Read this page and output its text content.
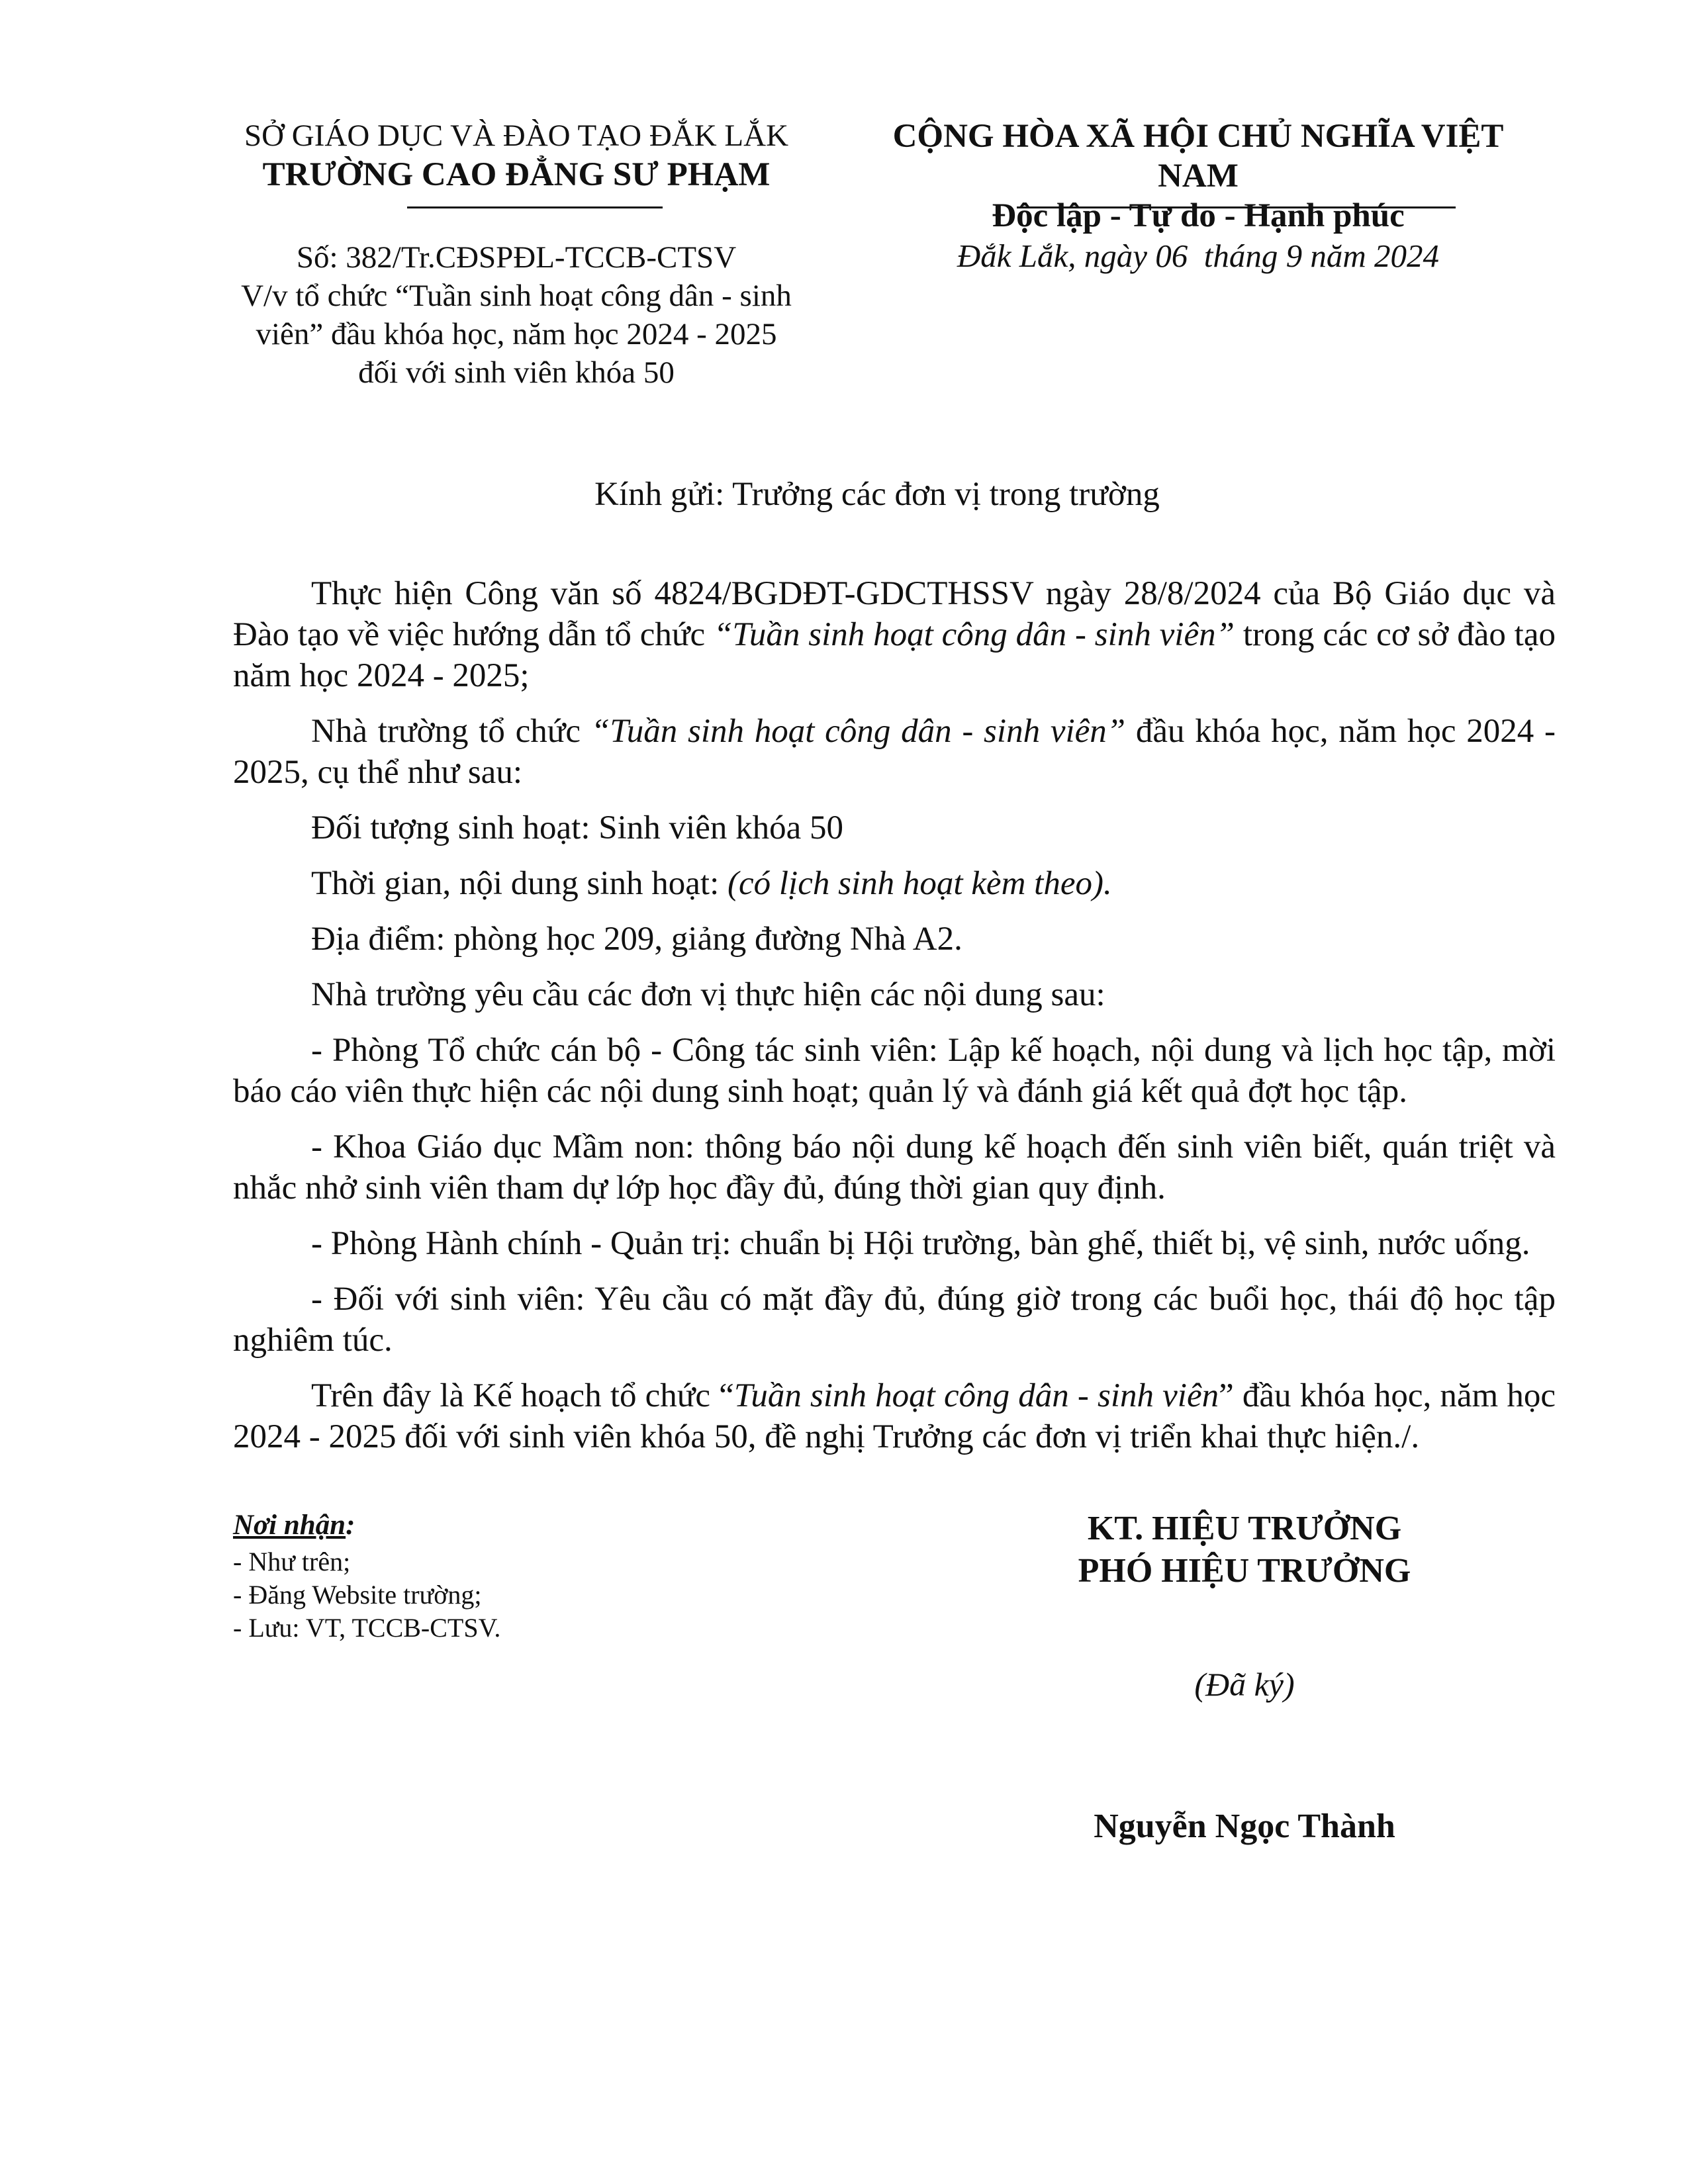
SỞ GIÁO DỤC VÀ ĐÀO TẠO ĐẮK LẮK
TRƯỜNG CAO ĐẲNG SƯ PHẠM
Số: 382/Tr.CĐSPĐL-TCCB-CTSV
V/v tổ chức “Tuần sinh hoạt công dân - sinh
viên” đầu khóa học, năm học 2024 - 2025
đối với sinh viên khóa 50
CỘNG HÒA XÃ HỘI CHỦ NGHĨA VIỆT NAM
Độc lập - Tự do - Hạnh phúc
Đắk Lắk, ngày 06  tháng 9 năm 2024
Kính gửi: Trưởng các đơn vị trong trường

Thực hiện Công văn số 4824/BGDĐT-GDCTHSSV ngày 28/8/2024 của Bộ Giáo dục và Đào tạo về việc hướng dẫn tổ chức “Tuần sinh hoạt công dân - sinh viên” trong các cơ sở đào tạo năm học 2024 - 2025;

Nhà trường tổ chức “Tuần sinh hoạt công dân - sinh viên” đầu khóa học, năm học 2024 - 2025, cụ thể như sau:

Đối tượng sinh hoạt: Sinh viên khóa 50

Thời gian, nội dung sinh hoạt: (có lịch sinh hoạt kèm theo).

Địa điểm: phòng học 209, giảng đường Nhà A2.

Nhà trường yêu cầu các đơn vị thực hiện các nội dung sau:

- Phòng Tổ chức cán bộ - Công tác sinh viên: Lập kế hoạch, nội dung và lịch học tập, mời báo cáo viên thực hiện các nội dung sinh hoạt; quản lý và đánh giá kết quả đợt học tập.

- Khoa Giáo dục Mầm non: thông báo nội dung kế hoạch đến sinh viên biết, quán triệt và nhắc nhở sinh viên tham dự lớp học đầy đủ, đúng thời gian quy định.

- Phòng Hành chính - Quản trị: chuẩn bị Hội trường, bàn ghế, thiết bị, vệ sinh, nước uống.

- Đối với sinh viên: Yêu cầu có mặt đầy đủ, đúng giờ trong các buổi học, thái độ học tập nghiêm túc.

Trên đây là Kế hoạch tổ chức “Tuần sinh hoạt công dân - sinh viên” đầu khóa học, năm học 2024 - 2025 đối với sinh viên khóa 50, đề nghị Trưởng các đơn vị triển khai thực hiện./.

Nơi nhận:
- Như trên;
- Đăng Website trường;
- Lưu: VT, TCCB-CTSV.
KT. HIỆU TRƯỞNG
PHÓ HIỆU TRƯỞNG
(Đã ký)
Nguyễn Ngọc Thành
